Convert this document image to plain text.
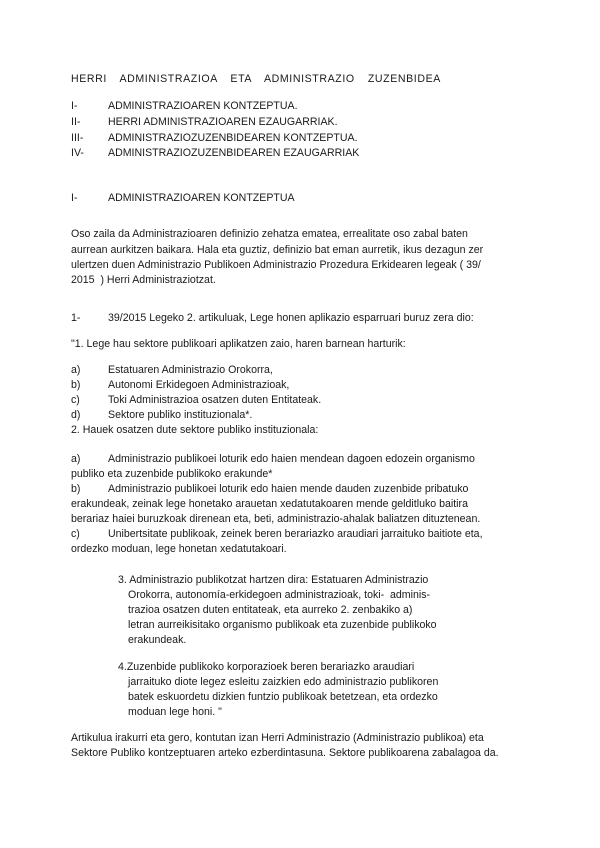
HERRI  ADMINISTRAZIOA  ETA  ADMINISTRAZIO  ZUZENBIDEA
I-	ADMINISTRAZIOAREN KONTZEPTUA.
II-	HERRI ADMINISTRAZIOAREN EZAUGARRIAK.
III- ADMINISTRAZIOZUZENBIDEAREN KONTZEPTUA.
IV- ADMINISTRAZIOZUZENBIDEAREN EZAUGARRIAK
I-	ADMINISTRAZIOAREN KONTZEPTUA
Oso zaila da Administrazioaren definizio zehatza ematea, errealitate oso zabal baten
aurrean aurkitzen baikara. Hala eta guztiz, definizio bat eman aurretik, ikus dezagun zer
ulertzen duen Administrazio Publikoen Administrazio Prozedura Erkidearen legeak ( 39/
2015  ) Herri Administraziotzat.
1-	39/2015 Legeko 2. artikuluak, Lege honen aplikazio esparruari buruz zera dio:
"1. Lege hau sektore publikoari aplikatzen zaio, haren barnean harturik:
a)	Estatuaren Administrazio Orokorra,
b)	Autonomi Erkidegoen Administrazioak,
c)	Toki Administrazioa osatzen duten Entitateak.
d)	Sektore publiko instituzionala*.
2. Hauek osatzen dute sektore publiko instituzionala:
a)	Administrazio publikoei loturik edo haien mendean dagoen edozein organismo
publiko eta zuzenbide publikoko erakunde*
b)	Administrazio publikoei loturik edo haien mende dauden zuzenbide pribatuko
erakundeak, zeinak lege honetako arauetan xedatutakoaren mende gelditluko baitira
berariaz haiei buruzkoak direnean eta, beti, administrazio-ahalak baliatzen dituztenean.
c)	Unibertsitate publikoak, zeinek beren berariazko araudiari jarraituko baitiote eta,
ordezko moduan, lege honetan xedatutakoari.
3. Administrazio publikotzat hartzen dira: Estatuaren Administrazio
Orokorra, autonomía-erkidegoen administrazioak, toki-  adminis-
trazioa osatzen duten entitateak, eta aurreko 2. zenbakiko a)
letran aurreikisitako organismo publikoak eta zuzenbide publikoko
erakundeak.
4.Zuzenbide publikoko korporazioek beren berariazko araudiari
jarraituko diote legez esleitu zaizkien edo administrazio publikoren
batek eskuordetu dizkien funtzio publikoak betetzean, eta ordezko
moduan lege honi. "
Artikulua irakurri eta gero, kontutan izan Herri Administrazio (Administrazio publikoa) eta
Sektore Publiko kontzeptuaren arteko ezberdintasuna. Sektore publikoarena zabalagoa da.
